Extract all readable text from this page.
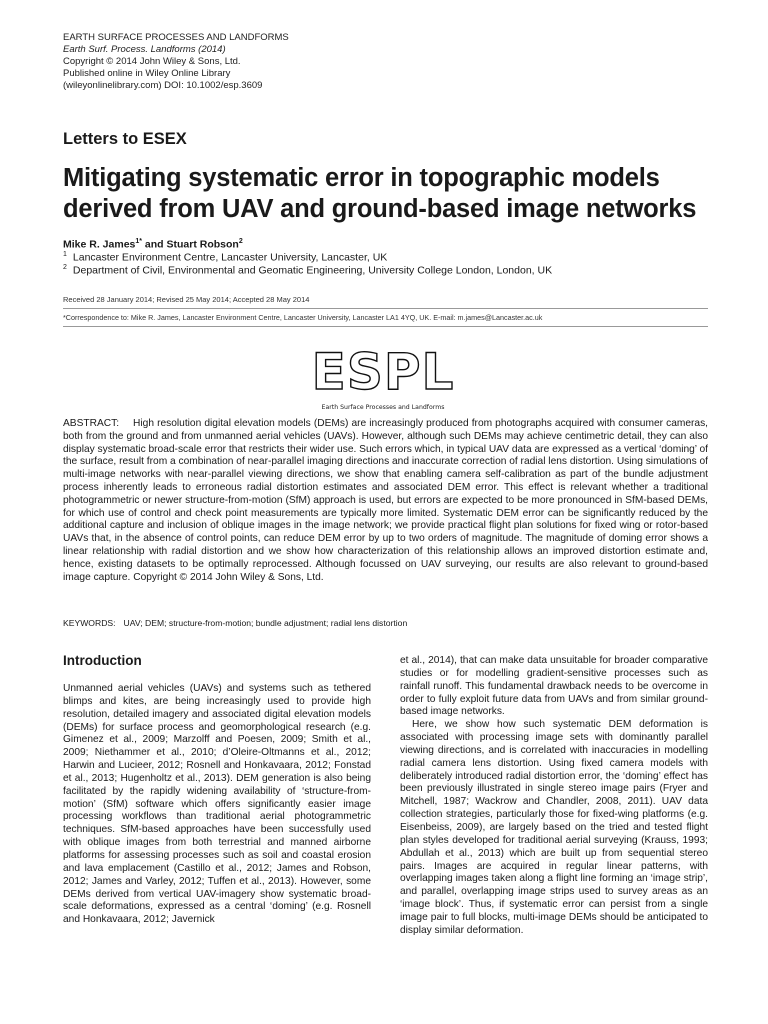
EARTH SURFACE PROCESSES AND LANDFORMS
Earth Surf. Process. Landforms (2014)
Copyright © 2014 John Wiley & Sons, Ltd.
Published online in Wiley Online Library
(wileyonlinelibrary.com) DOI: 10.1002/esp.3609
Letters to ESEX
Mitigating systematic error in topographic models derived from UAV and ground-based image networks
Mike R. James$^{1*}$ and Stuart Robson$^2$
$^1$ Lancaster Environment Centre, Lancaster University, Lancaster, UK
$^2$ Department of Civil, Environmental and Geomatic Engineering, University College London, London, UK
Received 28 January 2014; Revised 25 May 2014; Accepted 28 May 2014
*Correspondence to: Mike R. James, Lancaster Environment Centre, Lancaster University, Lancaster LA1 4YQ, UK. E-mail: m.james@Lancaster.ac.uk
ESPL
Earth Surface Processes and Landforms
ABSTRACT: High resolution digital elevation models (DEMs) are increasingly produced from photographs acquired with consumer cameras, both from the ground and from unmanned aerial vehicles (UAVs). However, although such DEMs may achieve centimetric detail, they can also display systematic broad-scale error that restricts their wider use. Such errors which, in typical UAV data are expressed as a vertical ‘doming’ of the surface, result from a combination of near-parallel imaging directions and inaccurate correction of radial lens distortion. Using simulations of multi-image networks with near-parallel viewing directions, we show that enabling camera self-calibration as part of the bundle adjustment process inherently leads to erroneous radial distortion estimates and associated DEM error. This effect is relevant whether a traditional photogrammetric or newer structure-from-motion (SfM) approach is used, but errors are expected to be more pronounced in SfM-based DEMs, for which use of control and check point measurements are typically more limited. Systematic DEM error can be significantly reduced by the additional capture and inclusion of oblique images in the image network; we provide practical flight plan solutions for fixed wing or rotor-based UAVs that, in the absence of control points, can reduce DEM error by up to two orders of magnitude. The magnitude of doming error shows a linear relationship with radial distortion and we show how characterization of this relationship allows an improved distortion estimate and, hence, existing datasets to be optimally reprocessed. Although focussed on UAV surveying, our results are also relevant to ground-based image capture. Copyright © 2014 John Wiley & Sons, Ltd.
KEYWORDS: UAV; DEM; structure-from-motion; bundle adjustment; radial lens distortion
Introduction

Unmanned aerial vehicles (UAVs) and systems such as tethered blimps and kites, are being increasingly used to provide high resolution, detailed imagery and associated digital elevation models (DEMs) for surface process and geomorphological research (e.g. Gimenez et al., 2009; Marzolff and Poesen, 2009; Smith et al., 2009; Niethammer et al., 2010; d’Oleire-Oltmanns et al., 2012; Harwin and Lucieer, 2012; Rosnell and Honkavaara, 2012; Fonstad et al., 2013; Hugenholtz et al., 2013). DEM generation is also being facilitated by the rapidly widening availability of ‘structure-from-motion’ (SfM) software which offers significantly easier image processing workflows than traditional aerial photogrammetric techniques. SfM-based approaches have been successfully used with oblique images from both terrestrial and manned airborne platforms for assessing processes such as soil and coastal erosion and lava emplacement (Castillo et al., 2012; James and Robson, 2012; James and Varley, 2012; Tuffen et al., 2013). However, some DEMs derived from vertical UAV-imagery show systematic broad-scale deformations, expressed as a central ‘doming’ (e.g. Rosnell and Honkavaara, 2012; Javernick

et al., 2014), that can make data unsuitable for broader comparative studies or for modelling gradient-sensitive processes such as rainfall runoff. This fundamental drawback needs to be overcome in order to fully exploit future data from UAVs and from similar ground-based image networks.

Here, we show how such systematic DEM deformation is associated with processing image sets with dominantly parallel viewing directions, and is correlated with inaccuracies in modelling radial camera lens distortion. Using fixed camera models with deliberately introduced radial distortion error, the ‘doming’ effect has been previously illustrated in single stereo image pairs (Fryer and Mitchell, 1987; Wackrow and Chandler, 2008, 2011). UAV data collection strategies, particularly those for fixed-wing platforms (e.g. Eisenbeiss, 2009), are largely based on the tried and tested flight plan styles developed for traditional aerial surveying (Krauss, 1993; Abdullah et al., 2013) which are built up from sequential stereo pairs. Images are acquired in regular linear patterns, with overlapping images taken along a flight line forming an ‘image strip’, and parallel, overlapping image strips used to survey areas as an ‘image block’. Thus, if systematic error can persist from a single image pair to full blocks, multi-image DEMs should be anticipated to display similar deformation.
